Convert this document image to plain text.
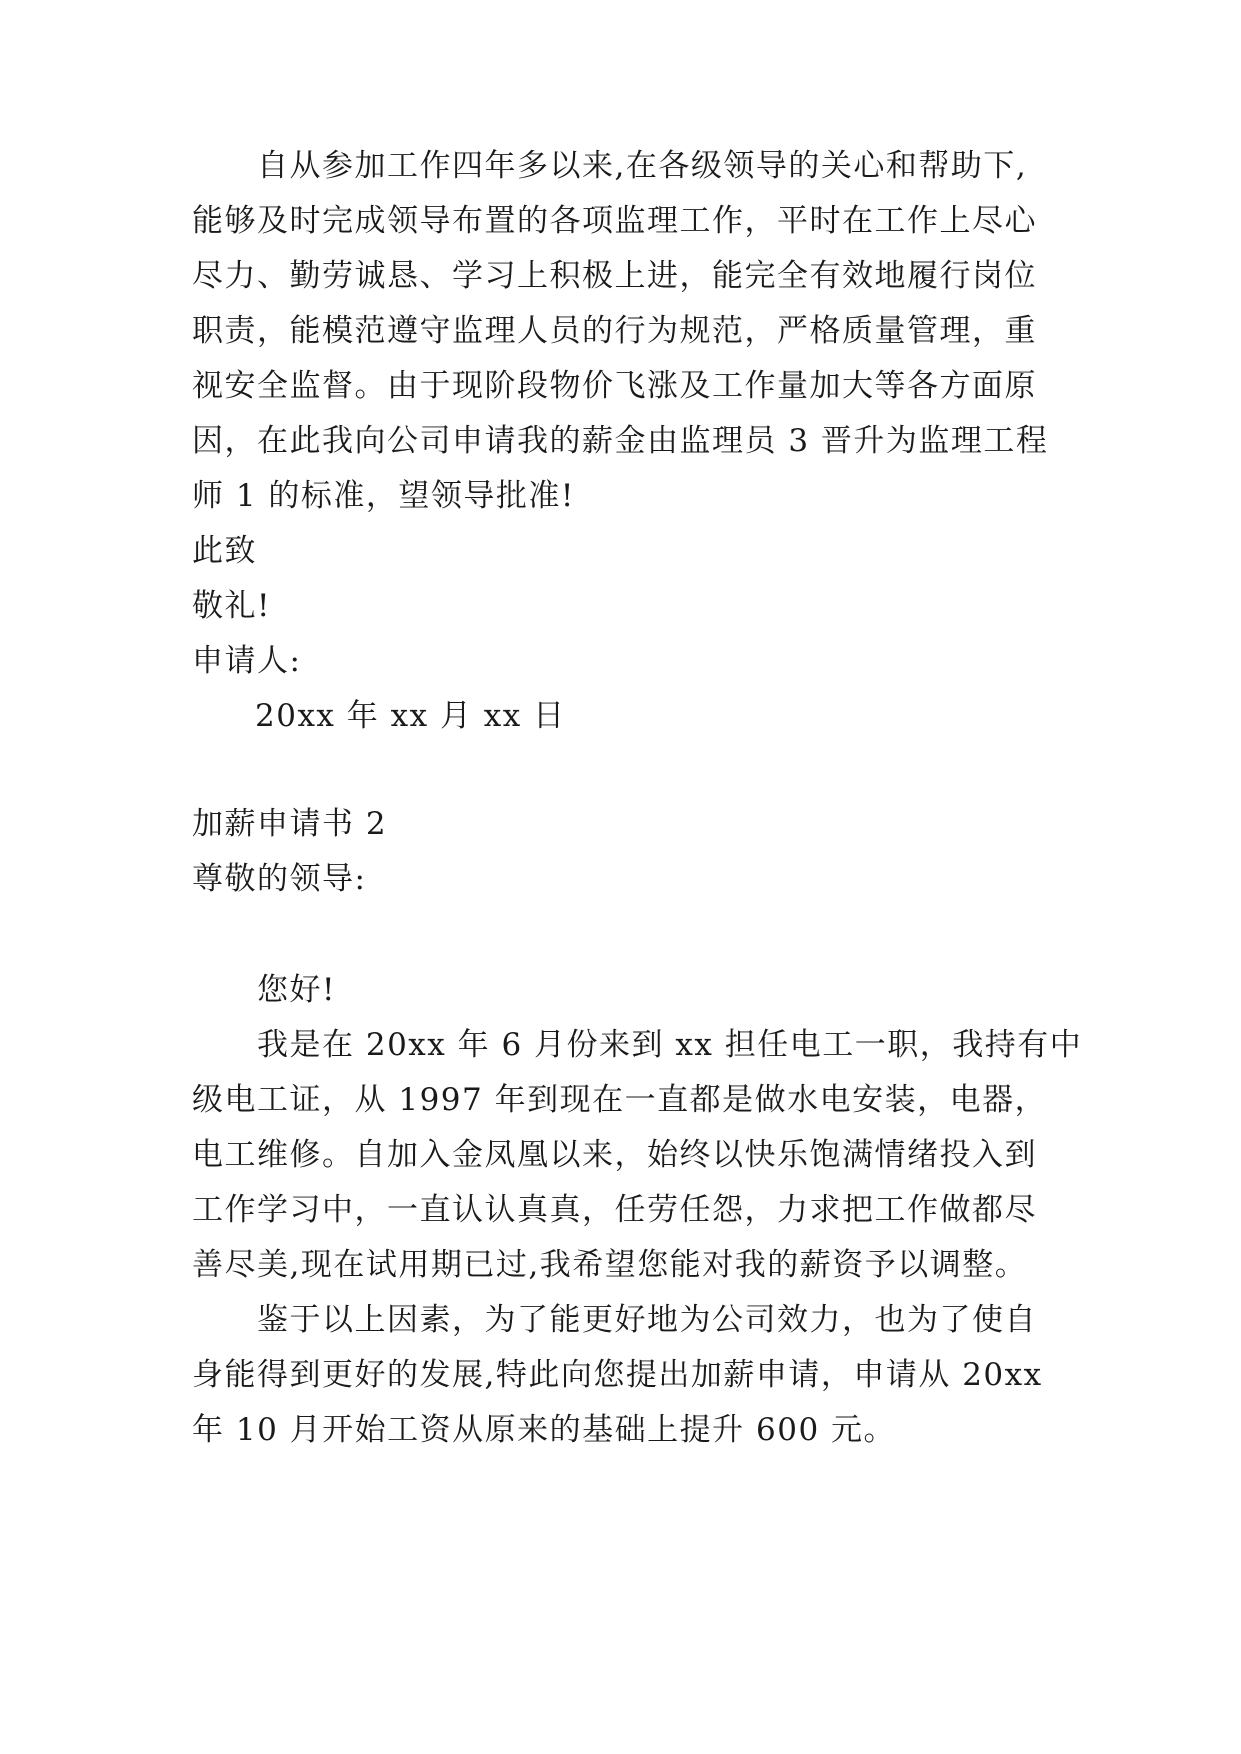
自从参加工作四年多以来,在各级领导的关心和帮助下,
能够及时完成领导布置的各项监理工作，平时在工作上尽心
尽力、勤劳诚恳、学习上积极上进，能完全有效地履行岗位
职责，能模范遵守监理人员的行为规范，严格质量管理，重
视安全监督。由于现阶段物价飞涨及工作量加大等各方面原
因，在此我向公司申请我的薪金由监理员 3 晋升为监理工程
师 1 的标准，望领导批准!
此致
敬礼!
申请人:
20xx 年 xx 月 xx 日
加薪申请书 2
尊敬的领导:
您好!
我是在 20xx 年 6 月份来到 xx 担任电工一职，我持有中
级电工证，从 1997 年到现在一直都是做水电安装，电器，
电工维修。自加入金凤凰以来，始终以快乐饱满情绪投入到
工作学习中，一直认认真真，任劳任怨，力求把工作做都尽
善尽美,现在试用期已过,我希望您能对我的薪资予以调整。
鉴于以上因素，为了能更好地为公司效力，也为了使自
身能得到更好的发展,特此向您提出加薪申请，申请从 20xx
年 10 月开始工资从原来的基础上提升 600 元。
